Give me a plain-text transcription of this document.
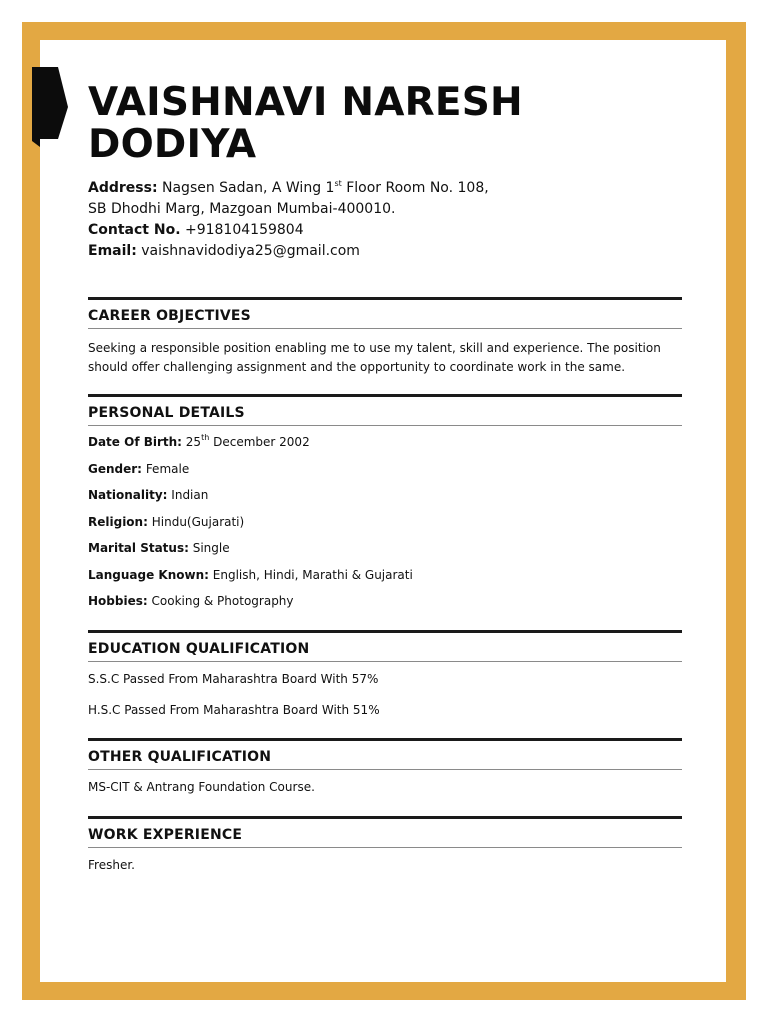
VAISHNAVI NARESH
DODIYA
Address: Nagsen Sadan, A Wing 1st Floor Room No. 108,
SB Dhodhi Marg, Mazgoan Mumbai-400010.
Contact No. +918104159804
Email: vaishnavidodiya25@gmail.com
CAREER OBJECTIVES

Seeking a responsible position enabling me to use my talent, skill and experience. The position should offer challenging assignment and the opportunity to coordinate work in the same.

PERSONAL DETAILS
Date Of Birth: 25th December 2002
Gender: Female
Nationality: Indian
Religion: Hindu(Gujarati)
Marital Status: Single
Language Known: English, Hindi, Marathi & Gujarati
Hobbies: Cooking & Photography
EDUCATION QUALIFICATION
S.S.C Passed From Maharashtra Board With 57%
H.S.C Passed From Maharashtra Board With 51%
OTHER QUALIFICATION
MS-CIT & Antrang Foundation Course.
WORK EXPERIENCE
Fresher.
